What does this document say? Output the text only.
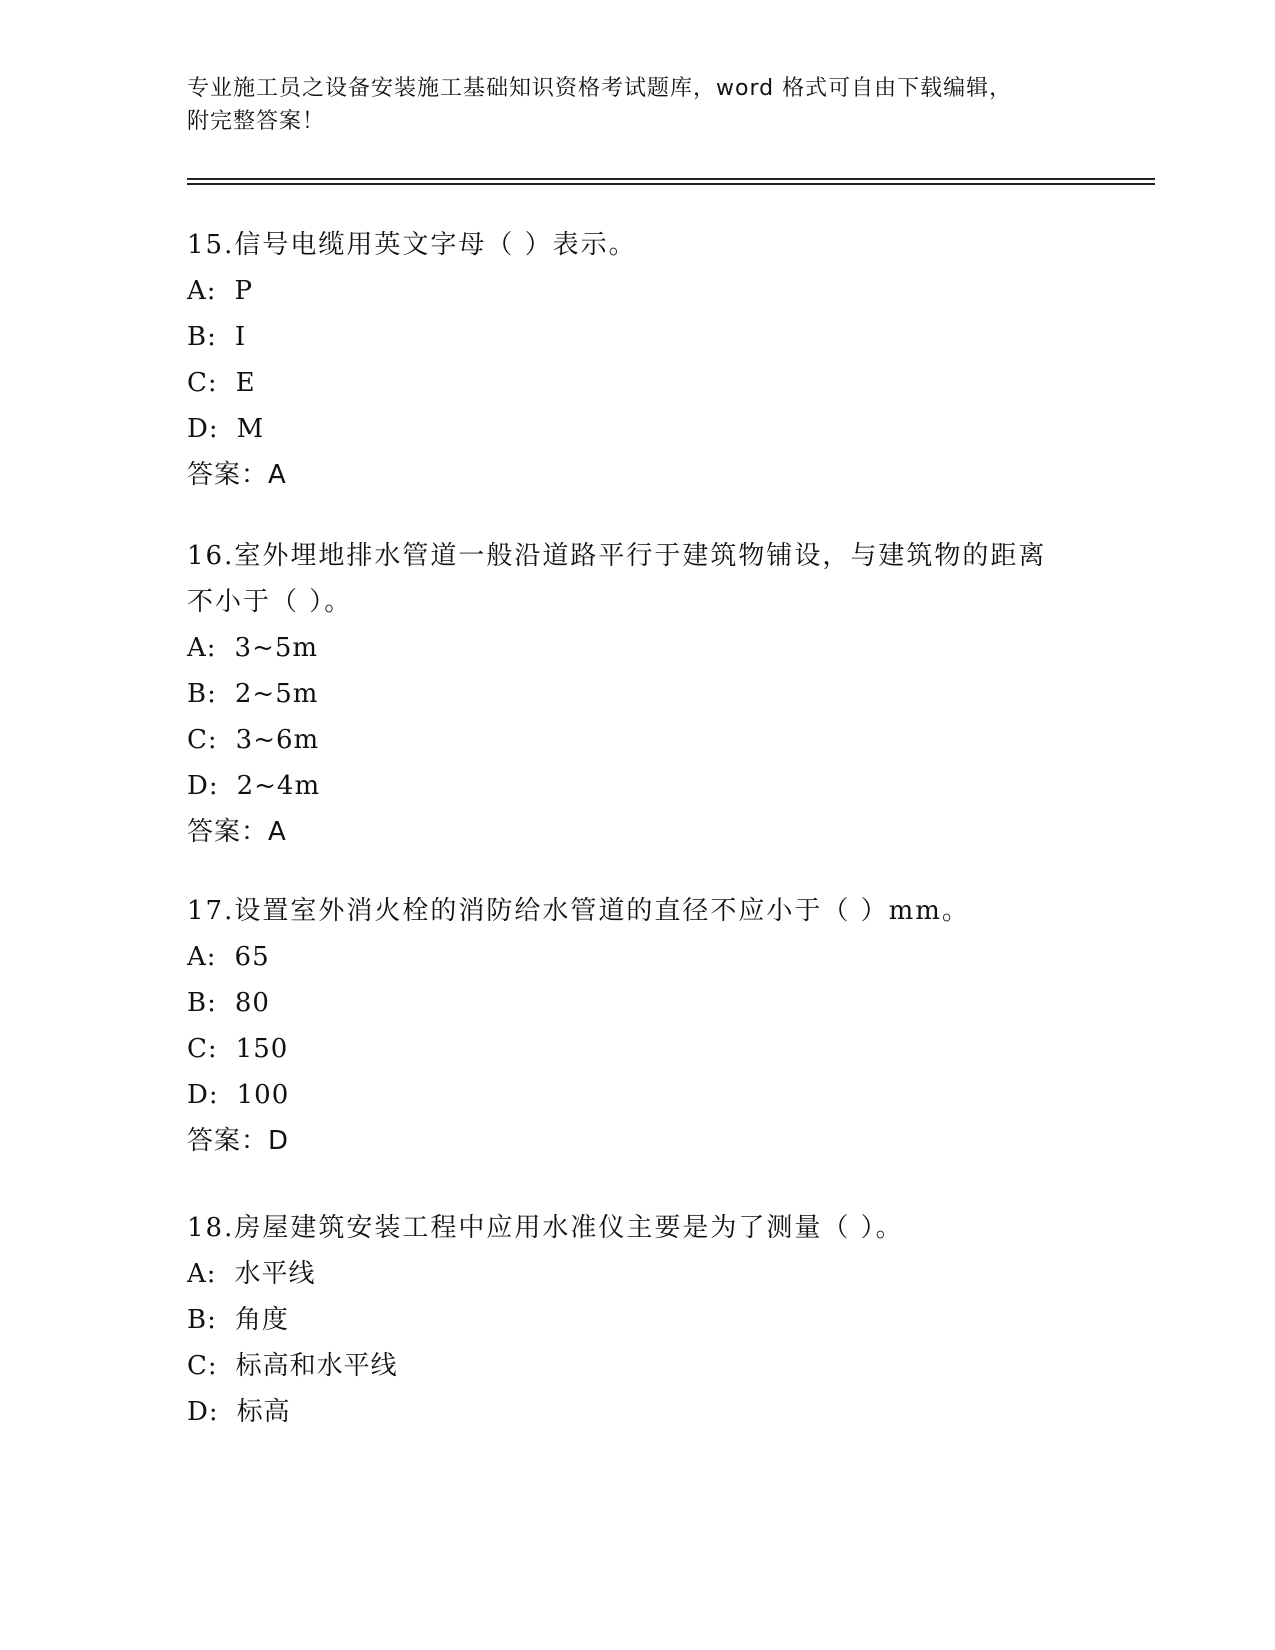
专业施工员之设备安装施工基础知识资格考试题库，word 格式可自由下载编辑，
附完整答案！

15.信号电缆用英文字母（ ）表示。

A: P

B: I

C: E

D: M

答案：A

16.室外埋地排水管道一般沿道路平行于建筑物铺设，与建筑物的距离

不小于（ ）。

A: 3~5m

B: 2~5m

C: 3~6m

D: 2~4m

答案：A

17.设置室外消火栓的消防给水管道的直径不应小于（ ）mm。

A: 65

B: 80

C: 150

D: 100

答案：D

18.房屋建筑安装工程中应用水准仪主要是为了测量（ ）。

A: 水平线

B: 角度

C: 标高和水平线

D: 标高
